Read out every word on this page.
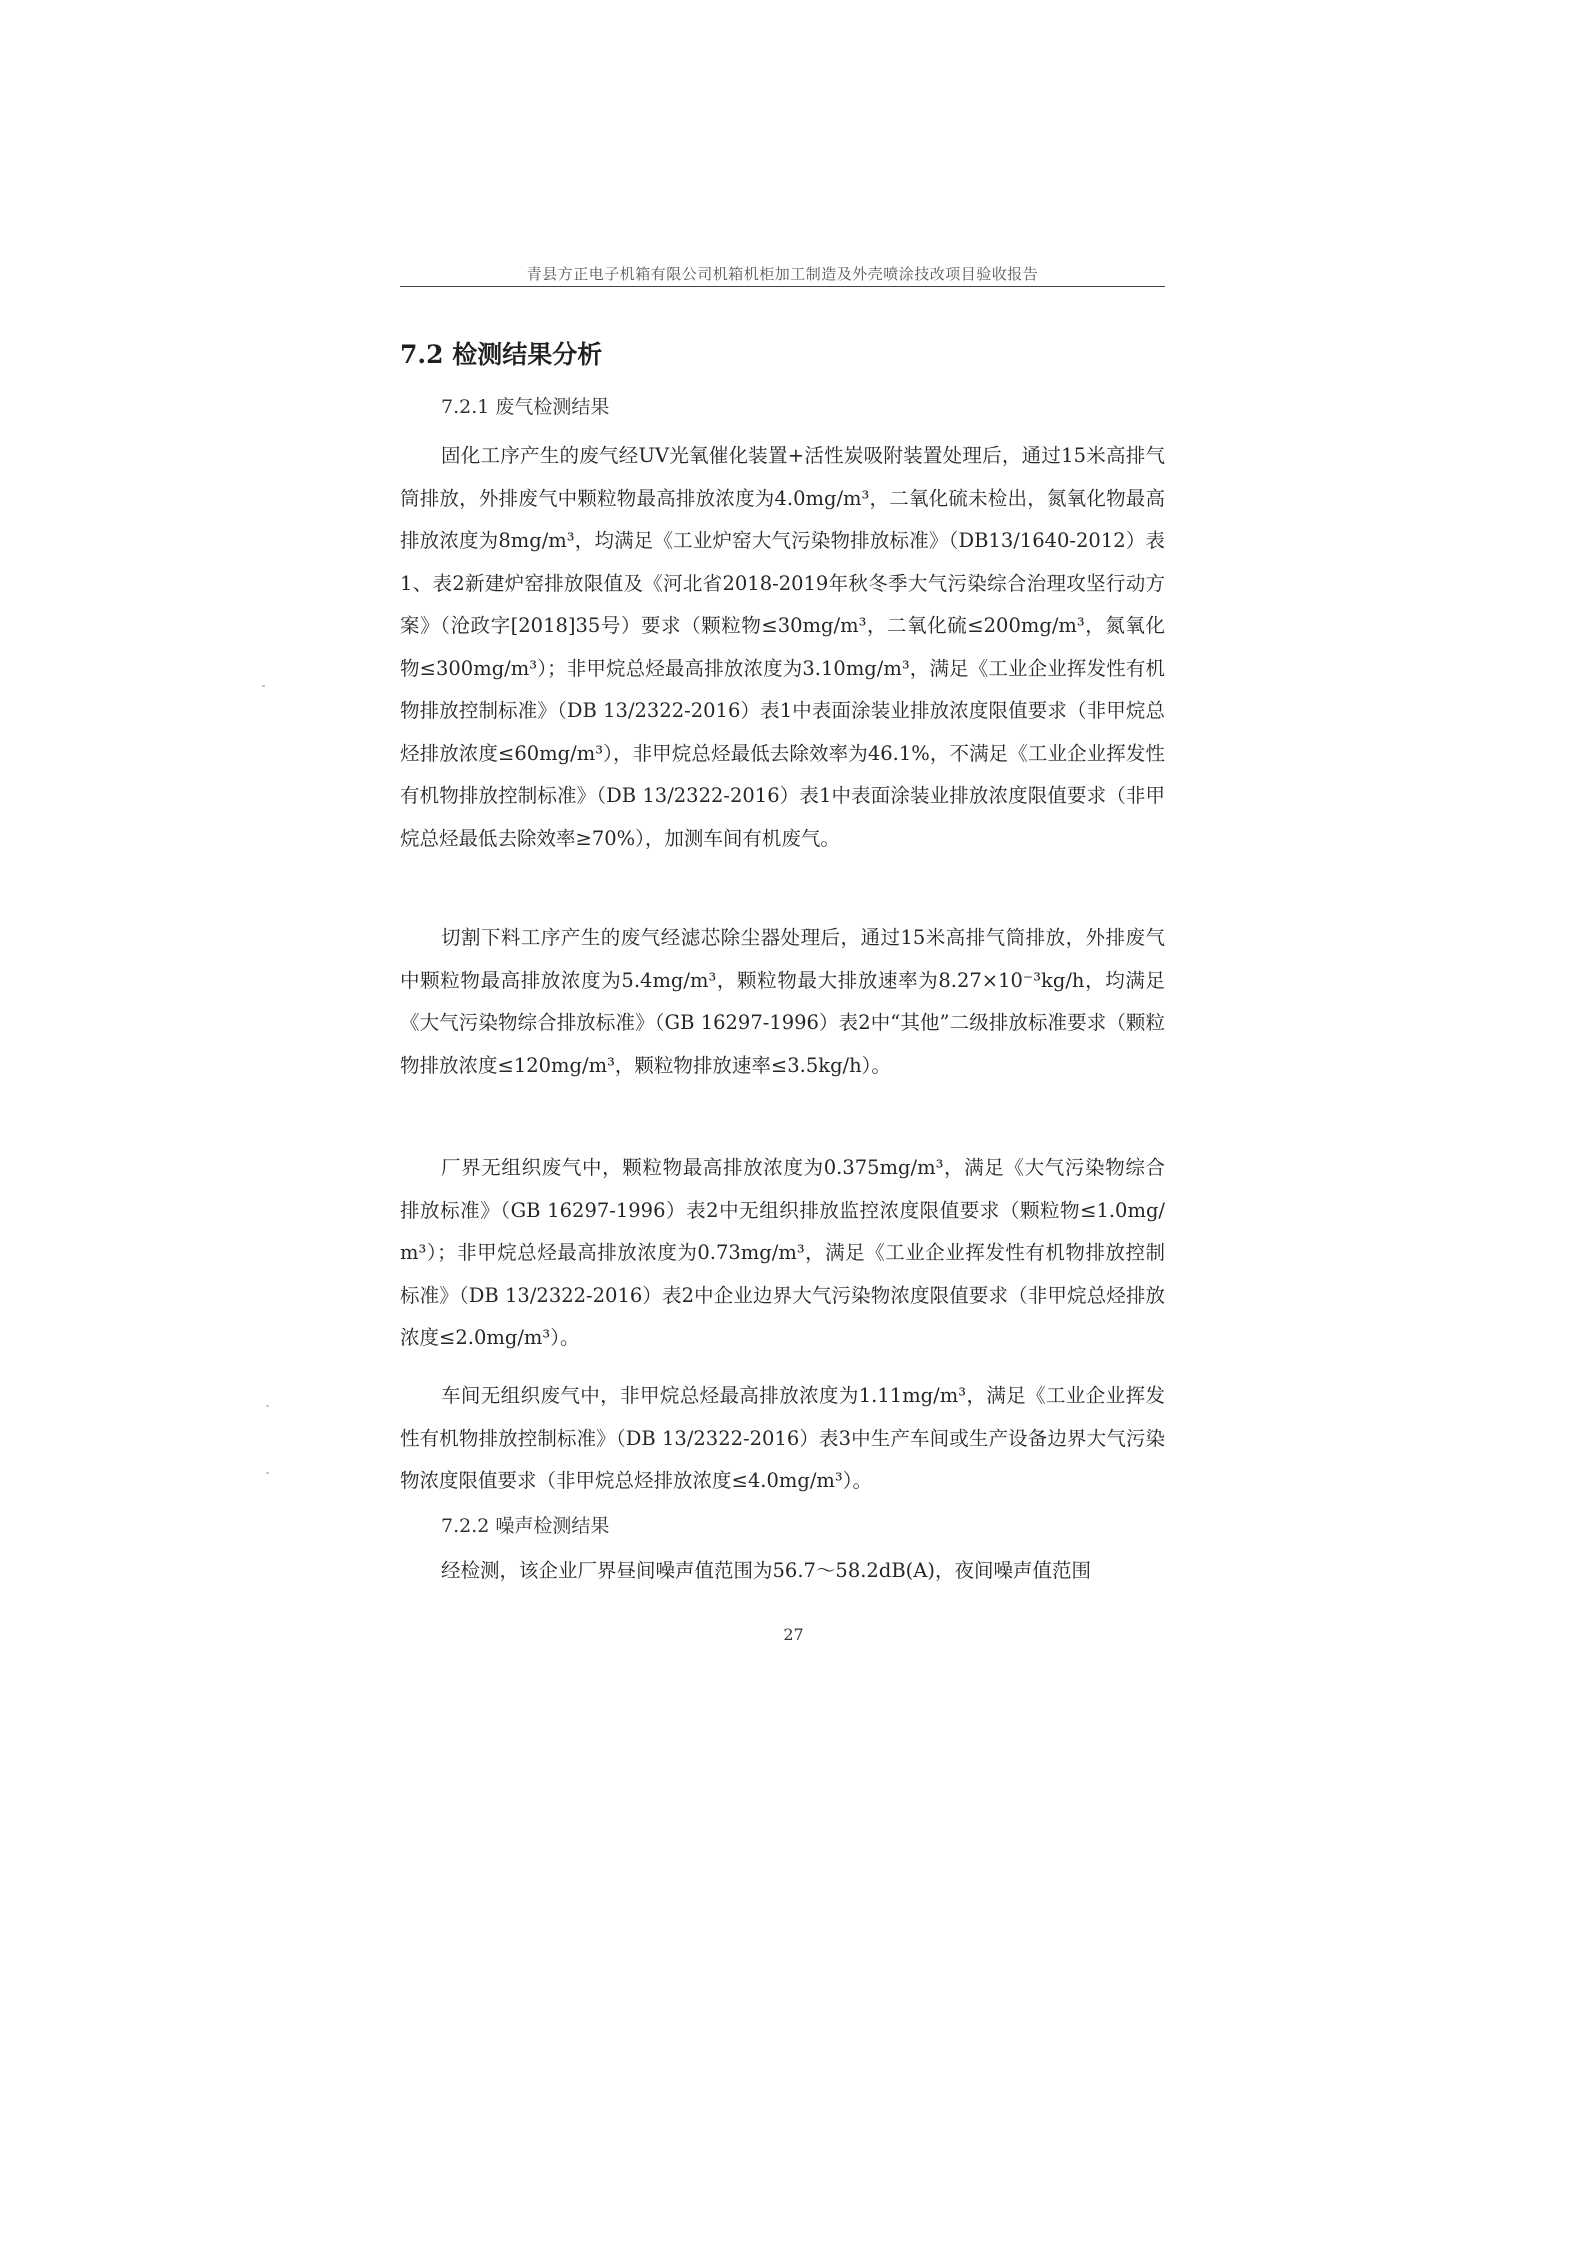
青县方正电子机箱有限公司机箱机柜加工制造及外壳喷涂技改项目验收报告
7.2 检测结果分析
7.2.1 废气检测结果
固化工序产生的废气经UV光氧催化装置+活性炭吸附装置处理后，通过15米高排气筒排放，外排废气中颗粒物最高排放浓度为4.0mg/m³，二氧化硫未检出，氮氧化物最高排放浓度为8mg/m³，均满足《工业炉窑大气污染物排放标准》（DB13/1640-2012）表1、表2新建炉窑排放限值及《河北省2018-2019年秋冬季大气污染综合治理攻坚行动方案》（沧政字[2018]35号）要求（颗粒物≤30mg/m³，二氧化硫≤200mg/m³，氮氧化物≤300mg/m³）；非甲烷总烃最高排放浓度为3.10mg/m³，满足《工业企业挥发性有机物排放控制标准》（DB 13/2322-2016）表1中表面涂装业排放浓度限值要求（非甲烷总烃排放浓度≤60mg/m³），非甲烷总烃最低去除效率为46.1%，不满足《工业企业挥发性有机物排放控制标准》（DB 13/2322-2016）表1中表面涂装业排放浓度限值要求（非甲烷总烃最低去除效率≥70%），加测车间有机废气。
切割下料工序产生的废气经滤芯除尘器处理后，通过15米高排气筒排放，外排废气中颗粒物最高排放浓度为5.4mg/m³，颗粒物最大排放速率为8.27×10⁻³kg/h，均满足《大气污染物综合排放标准》（GB 16297-1996）表2中“其他”二级排放标准要求（颗粒物排放浓度≤120mg/m³，颗粒物排放速率≤3.5kg/h）。
厂界无组织废气中，颗粒物最高排放浓度为0.375mg/m³，满足《大气污染物综合排放标准》（GB 16297-1996）表2中无组织排放监控浓度限值要求（颗粒物≤1.0mg/m³）；非甲烷总烃最高排放浓度为0.73mg/m³，满足《工业企业挥发性有机物排放控制标准》（DB 13/2322-2016）表2中企业边界大气污染物浓度限值要求（非甲烷总烃排放浓度≤2.0mg/m³）。
车间无组织废气中，非甲烷总烃最高排放浓度为1.11mg/m³，满足《工业企业挥发性有机物排放控制标准》（DB 13/2322-2016）表3中生产车间或生产设备边界大气污染物浓度限值要求（非甲烷总烃排放浓度≤4.0mg/m³）。
7.2.2 噪声检测结果
经检测，该企业厂界昼间噪声值范围为56.7～58.2dB(A)，夜间噪声值范围
27
